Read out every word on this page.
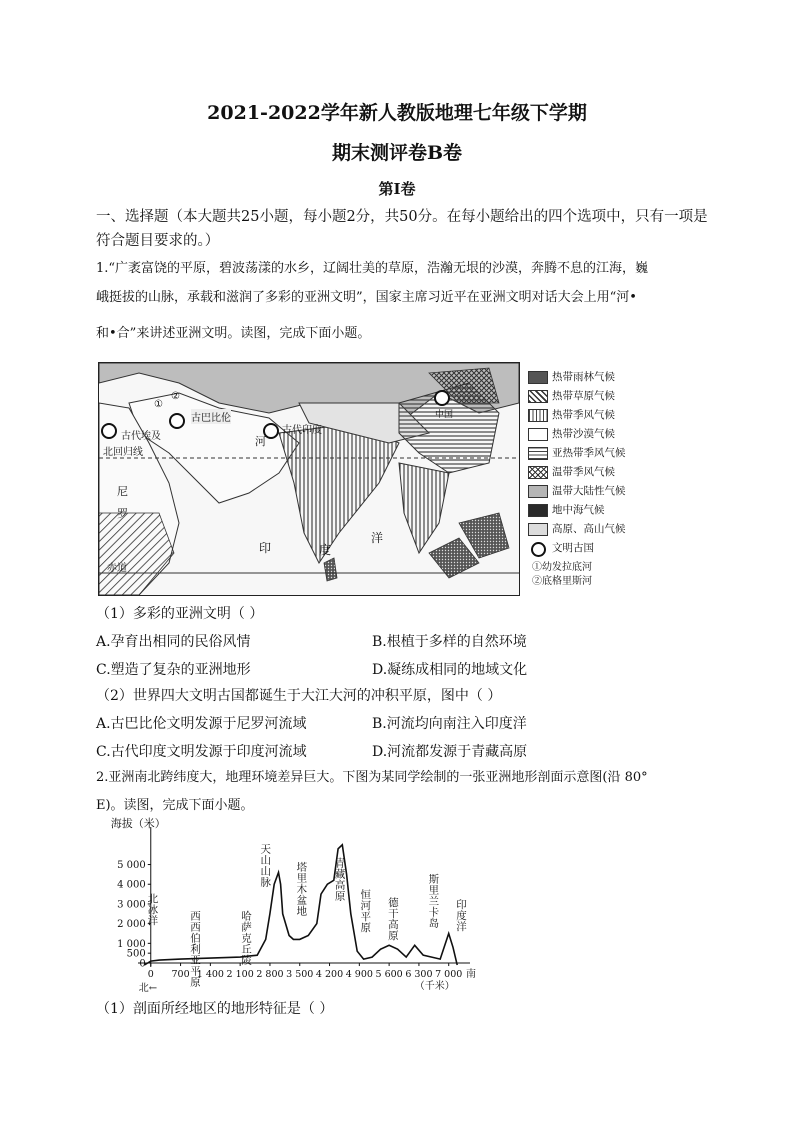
2021-2022学年新人教版地理七年级下学期
期末测评卷B卷
第I卷
一、选择题（本大题共25小题，每小题2分，共50分。在每小题给出的四个选项中，只有一项是
符合题目要求的。）
1.“广袤富饶的平原，碧波荡漾的水乡，辽阔壮美的草原，浩瀚无垠的沙漠，奔腾不息的江海，巍
峨挺拔的山脉，承载和滋润了多彩的亚洲文明”，国家主席习近平在亚洲文明对话大会上用“河•
和•合”来讲述亚洲文明。读图，完成下面小题。
古巴比伦
古代埃及
古代印度
中国
北回归线
赤道
尼
罗
河
①
②
印	度
洋
热带雨林气候
热带草原气候
热带季风气候
热带沙漠气候
亚热带季风气候
温带季风气候
温带大陆性气候
地中海气候
高原、高山气候
文明古国
①幼发拉底河
②底格里斯河
（1）多彩的亚洲文明（ ）
A.孕育出相同的民俗风情	B.根植于多样的自然环境
C.塑造了复杂的亚洲地形	D.凝练成相同的地域文化
（2）世界四大文明古国都诞生于大江大河的冲积平原，图中（ ）
A.古巴比伦文明发源于尼罗河流域	B.河流均向南注入印度洋
C.古代印度文明发源于印度河流域	D.河流都发源于青藏高原
2.亚洲南北跨纬度大，地理环境差异巨大。下图为某同学绘制的一张亚洲地形剖面示意图(沿 80°
E)。读图，完成下面小题。
海拔（米）
5 000
4 000
3 000
2 000
1 000
500
0
0 700 1 400 2 100 2 800 3 500 4 200 4 900 5 600 6 300 7 000
（千米）
北←
南
北冰洋	西西伯利亚平原
哈萨克丘陵
天山山脉
塔里木盆地
青藏高原 恒河平原
德干高原
斯里兰卡岛
印度洋
（1）剖面所经地区的地形特征是（ ）
